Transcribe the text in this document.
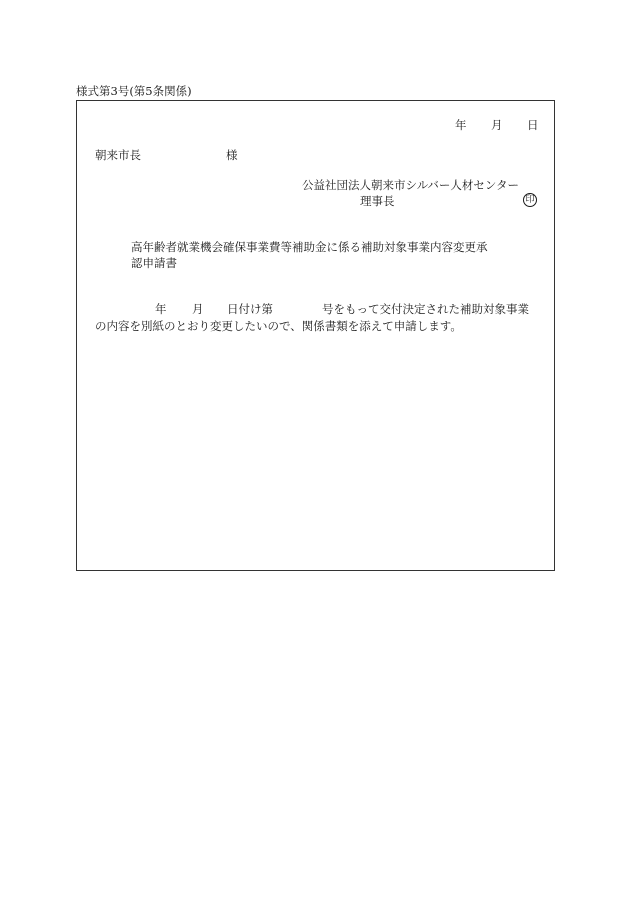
様式第3号(第5条関係)
年 月 日
朝来市長	様
公益社団法人朝来市シルバー人材センター
理事長	印
高年齢者就業機会確保事業費等補助金に係る補助対象事業内容変更承
認申請書
年 月 日付け第	号をもって交付決定された補助対象事業
の内容を別紙のとおり変更したいので、関係書類を添えて申請します。
